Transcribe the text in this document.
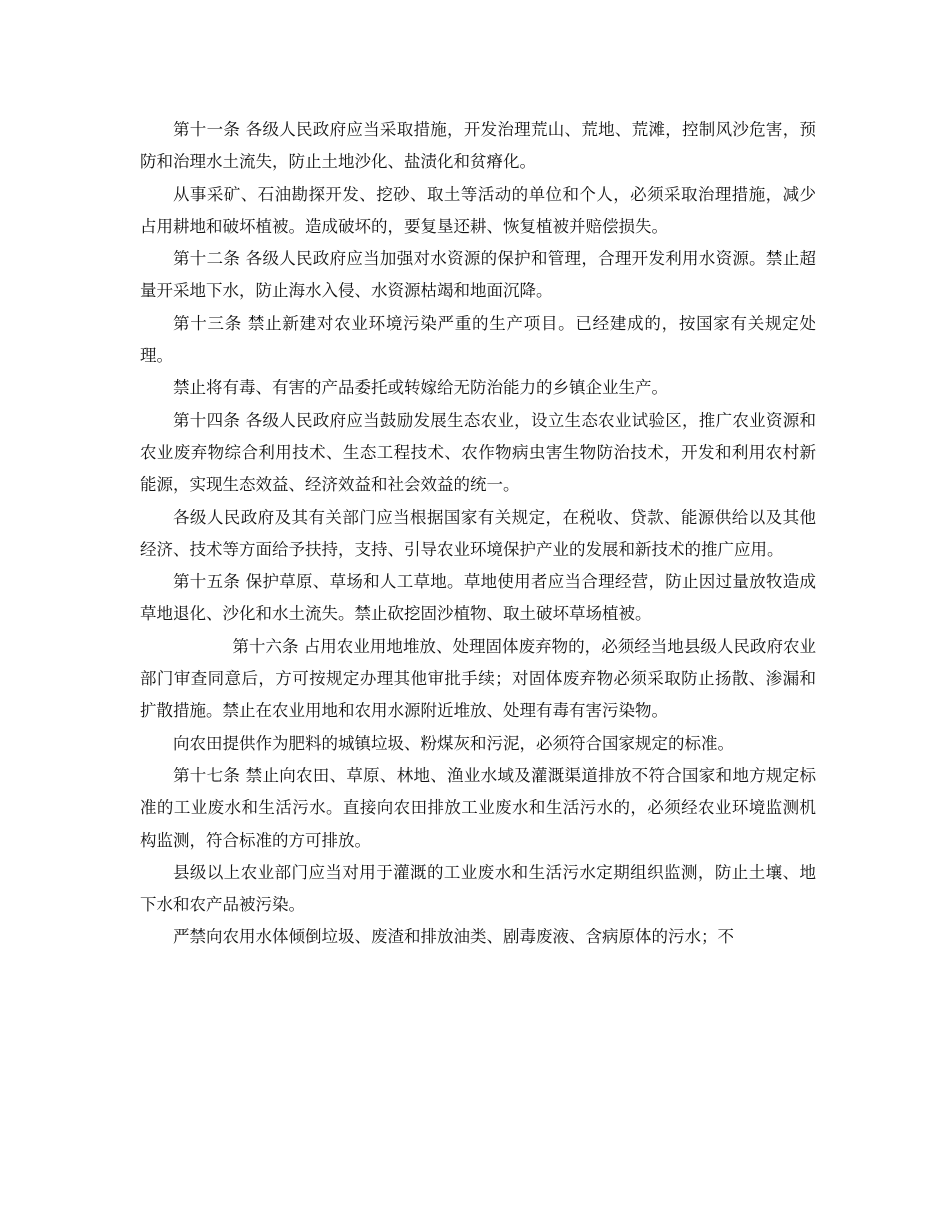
第十一条 各级人民政府应当采取措施，开发治理荒山、荒地、荒滩，控制风沙危害，预防和治理水土流失，防止土地沙化、盐渍化和贫瘠化。

从事采矿、石油勘探开发、挖砂、取土等活动的单位和个人，必须采取治理措施，减少占用耕地和破坏植被。造成破坏的，要复垦还耕、恢复植被并赔偿损失。

第十二条 各级人民政府应当加强对水资源的保护和管理，合理开发利用水资源。禁止超量开采地下水，防止海水入侵、水资源枯竭和地面沉降。

第十三条 禁止新建对农业环境污染严重的生产项目。已经建成的，按国家有关规定处理。

禁止将有毒、有害的产品委托或转嫁给无防治能力的乡镇企业生产。

第十四条 各级人民政府应当鼓励发展生态农业，设立生态农业试验区，推广农业资源和农业废弃物综合利用技术、生态工程技术、农作物病虫害生物防治技术，开发和利用农村新能源，实现生态效益、经济效益和社会效益的统一。

各级人民政府及其有关部门应当根据国家有关规定，在税收、贷款、能源供给以及其他经济、技术等方面给予扶持，支持、引导农业环境保护产业的发展和新技术的推广应用。

第十五条 保护草原、草场和人工草地。草地使用者应当合理经营，防止因过量放牧造成草地退化、沙化和水土流失。禁止砍挖固沙植物、取土破坏草场植被。

第十六条 占用农业用地堆放、处理固体废弃物的，必须经当地县级人民政府农业部门审查同意后，方可按规定办理其他审批手续；对固体废弃物必须采取防止扬散、渗漏和扩散措施。禁止在农业用地和农用水源附近堆放、处理有毒有害污染物。

向农田提供作为肥料的城镇垃圾、粉煤灰和污泥，必须符合国家规定的标准。

第十七条 禁止向农田、草原、林地、渔业水域及灌溉渠道排放不符合国家和地方规定标准的工业废水和生活污水。直接向农田排放工业废水和生活污水的，必须经农业环境监测机构监测，符合标准的方可排放。

县级以上农业部门应当对用于灌溉的工业废水和生活污水定期组织监测，防止土壤、地下水和农产品被污染。

严禁向农用水体倾倒垃圾、废渣和排放油类、剧毒废液、含病原体的污水；不
